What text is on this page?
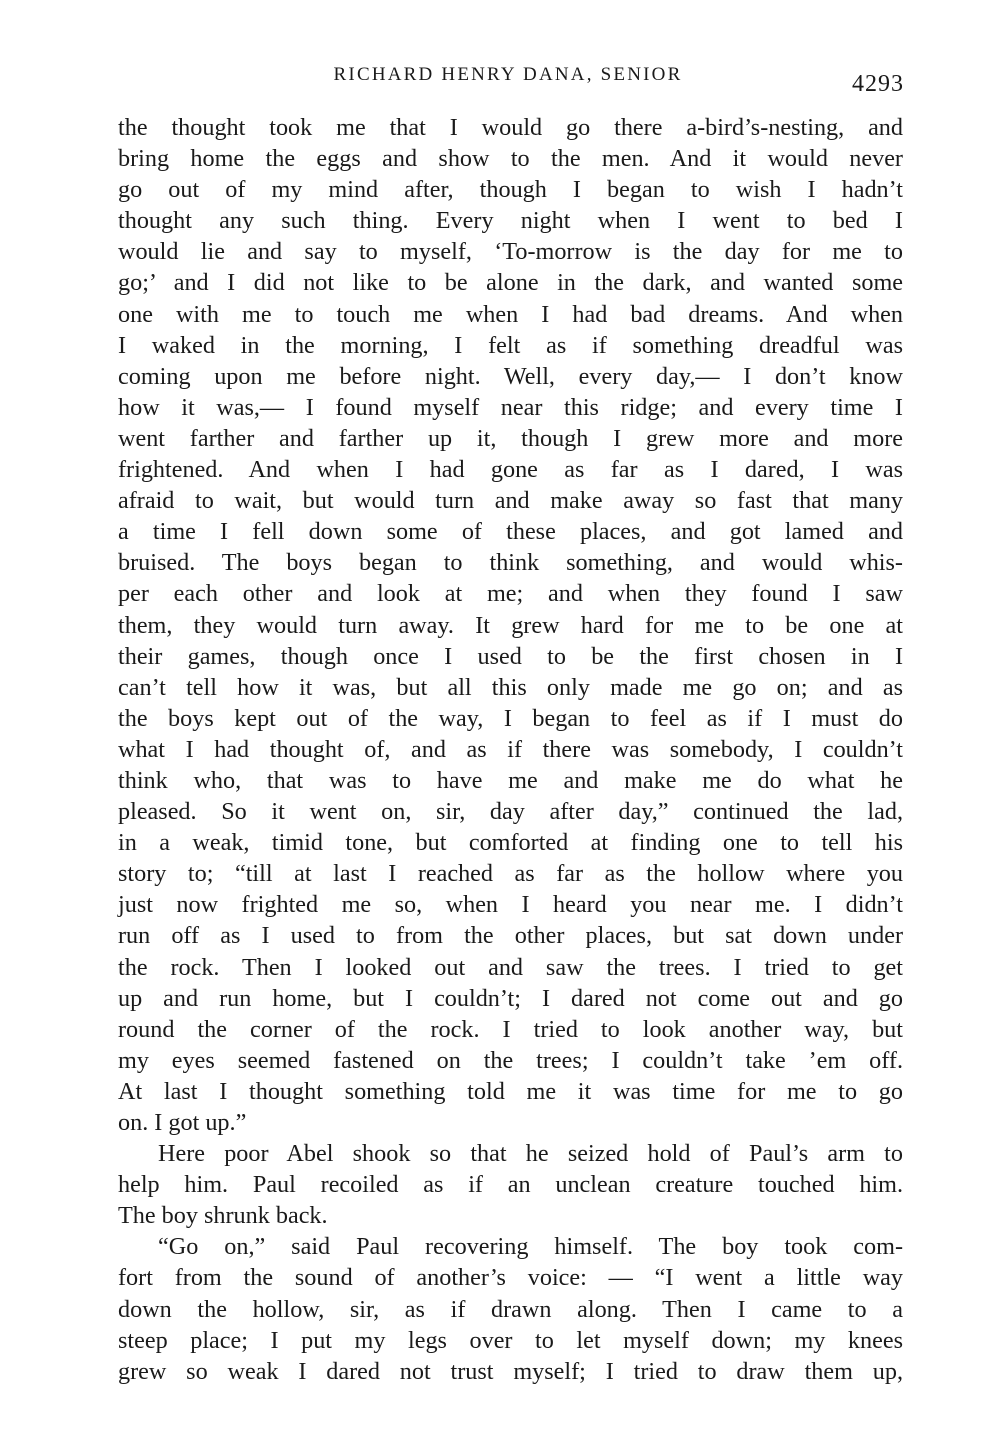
RICHARD HENRY DANA, SENIOR	4293
the thought took me that I would go there a-bird’s-nesting, and
bring home the eggs and show to the men. And it would never
go out of my mind after, though I began to wish I hadn’t
thought any such thing. Every night when I went to bed I
would lie and say to myself, ‘To-morrow is the day for me to
go;’ and I did not like to be alone in the dark, and wanted some
one with me to touch me when I had bad dreams. And when
I waked in the morning, I felt as if something dreadful was
coming upon me before night. Well, every day,— I don’t know
how it was,— I found myself near this ridge; and every time I
went farther and farther up it, though I grew more and more
frightened. And when I had gone as far as I dared, I was
afraid to wait, but would turn and make away so fast that many
a time I fell down some of these places, and got lamed and
bruised. The boys began to think something, and would whis-
per each other and look at me; and when they found I saw
them, they would turn away. It grew hard for me to be one at
their games, though once I used to be the first chosen in I
can’t tell how it was, but all this only made me go on; and as
the boys kept out of the way, I began to feel as if I must do
what I had thought of, and as if there was somebody, I couldn’t
think who, that was to have me and make me do what he
pleased. So it went on, sir, day after day,” continued the lad,
in a weak, timid tone, but comforted at finding one to tell his
story to; “till at last I reached as far as the hollow where you
just now frighted me so, when I heard you near me. I didn’t
run off as I used to from the other places, but sat down under
the rock. Then I looked out and saw the trees. I tried to get
up and run home, but I couldn’t; I dared not come out and go
round the corner of the rock. I tried to look another way, but
my eyes seemed fastened on the trees; I couldn’t take ’em off.
At last I thought something told me it was time for me to go
on. I got up.”
Here poor Abel shook so that he seized hold of Paul’s arm to
help him. Paul recoiled as if an unclean creature touched him.
The boy shrunk back.
“Go on,” said Paul recovering himself. The boy took com-
fort from the sound of another’s voice: — “I went a little way
down the hollow, sir, as if drawn along. Then I came to a
steep place; I put my legs over to let myself down; my knees
grew so weak I dared not trust myself; I tried to draw them up,
